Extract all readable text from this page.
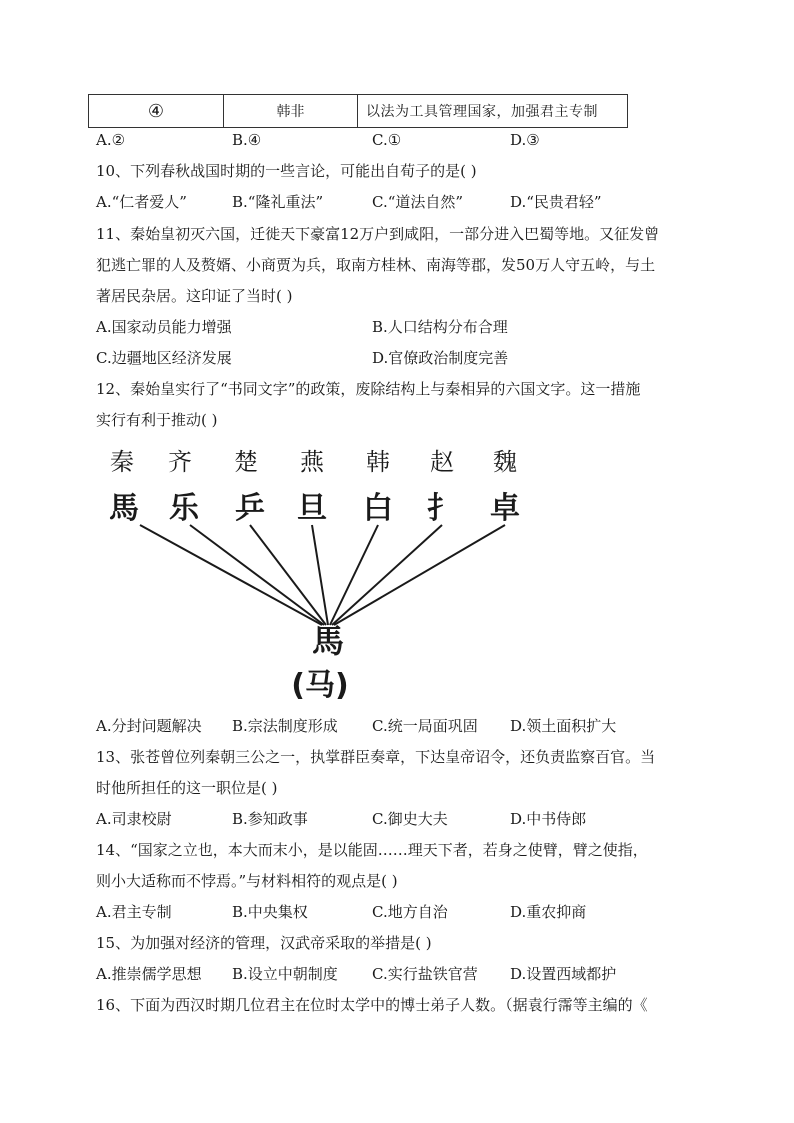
④	韩非	以法为工具管理国家，加强君主专制
A.②	B.④	C.①	D.③
10、下列春秋战国时期的一些言论，可能出自荀子的是( )
A.“仁者爱人”	B.“隆礼重法”	C.“道法自然”	D.“民贵君轻”
11、秦始皇初灭六国，迁徙天下豪富12万户到咸阳，一部分进入巴蜀等地。又征发曾
犯逃亡罪的人及赘婿、小商贾为兵，取南方桂林、南海等郡，发50万人守五岭，与土
著居民杂居。这印证了当时( )
A.国家动员能力增强	B.人口结构分布合理
C.边疆地区经济发展	D.官僚政治制度完善
12、秦始皇实行了“书同文字”的政策，废除结构上与秦相异的六国文字。这一措施
实行有利于推动( )
秦 齐 楚 燕 韩 赵 魏
馬 乐 乒 旦 白 扌 卓
馬
(马)
A.分封问题解决 B.宗法制度形成 C.统一局面巩固 D.领土面积扩大
13、张苍曾位列秦朝三公之一，执掌群臣奏章，下达皇帝诏令，还负责监察百官。当
时他所担任的这一职位是( )
A.司隶校尉	B.参知政事	C.御史大夫	D.中书侍郎
14、“国家之立也，本大而末小，是以能固……理天下者，若身之使臂，臂之使指，
则小大适称而不悖焉。”与材料相符的观点是( )
A.君主专制	B.中央集权	C.地方自治	D.重农抑商
15、为加强对经济的管理，汉武帝采取的举措是( )
A.推崇儒学思想 B.设立中朝制度 C.实行盐铁官营 D.设置西域都护
16、下面为西汉时期几位君主在位时太学中的博士弟子人数。（据袁行霈等主编的《
